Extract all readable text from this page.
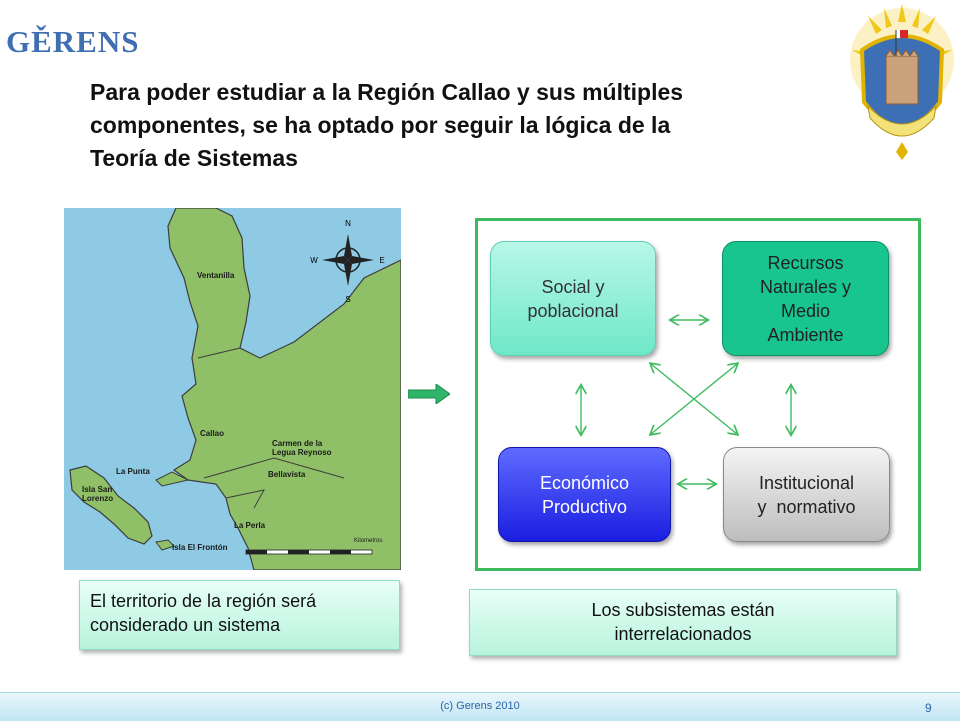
GĚRENS
Para poder estudiar a la Región Callao y sus múltiples
componentes, se ha optado por seguir la lógica de la
Teoría de Sistemas
N
S
E
W
Ventanilla
Callao
Carmen de la
Legua Reynoso
Bellavista
La Punta
Isla San
Lorenzo
La Perla
Isla El Frontón
Kilometros
Social y
poblacional
Recursos
Naturales y
Medio
Ambiente
Económico
Productivo
Institucional
y  normativo
El territorio de la región será
considerado un sistema
Los subsistemas están
interrelacionados
(c) Gerens 2010	9
